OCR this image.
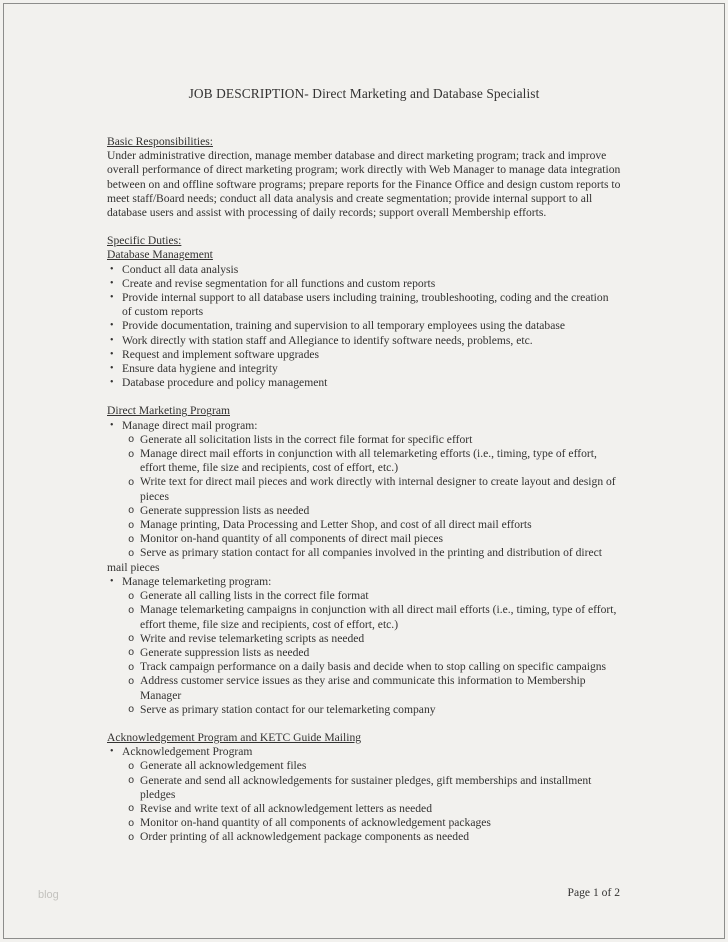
JOB DESCRIPTION- Direct Marketing and Database Specialist
Basic Responsibilities:
Under administrative direction, manage member database and direct marketing program; track and improve overall performance of direct marketing program; work directly with Web Manager to manage data integration between on and offline software programs; prepare reports for the Finance Office and design custom reports to meet staff/Board needs; conduct all data analysis and create segmentation; provide internal support to all database users and assist with processing of daily records; support overall Membership efforts.
Specific Duties:
Database Management
• Conduct all data analysis
• Create and revise segmentation for all functions and custom reports
• Provide internal support to all database users including training, troubleshooting, coding and the creation of custom reports
• Provide documentation, training and supervision to all temporary employees using the database
• Work directly with station staff and Allegiance to identify software needs, problems, etc.
• Request and implement software upgrades
• Ensure data hygiene and integrity
• Database procedure and policy management
Direct Marketing Program
• Manage direct mail program:
o Generate all solicitation lists in the correct file format for specific effort
o Manage direct mail efforts in conjunction with all telemarketing efforts (i.e., timing, type of effort, effort theme, file size and recipients, cost of effort, etc.)
o Write text for direct mail pieces and work directly with internal designer to create layout and design of pieces
o Generate suppression lists as needed
o Manage printing, Data Processing and Letter Shop, and cost of all direct mail efforts
o Monitor on-hand quantity of all components of direct mail pieces
o Serve as primary station contact for all companies involved in the printing and distribution of direct mail pieces
• Manage telemarketing program:
o Generate all calling lists in the correct file format
o Manage telemarketing campaigns in conjunction with all direct mail efforts (i.e., timing, type of effort, effort theme, file size and recipients, cost of effort, etc.)
o Write and revise telemarketing scripts as needed
o Generate suppression lists as needed
o Track campaign performance on a daily basis and decide when to stop calling on specific campaigns
o Address customer service issues as they arise and communicate this information to Membership Manager
o Serve as primary station contact for our telemarketing company
Acknowledgement Program and KETC Guide Mailing
• Acknowledgement Program
o Generate all acknowledgement files
o Generate and send all acknowledgements for sustainer pledges, gift memberships and installment pledges
o Revise and write text of all acknowledgement letters as needed
o Monitor on-hand quantity of all components of acknowledgement packages
o Order printing of all acknowledgement package components as needed
blog	Page 1 of 2
